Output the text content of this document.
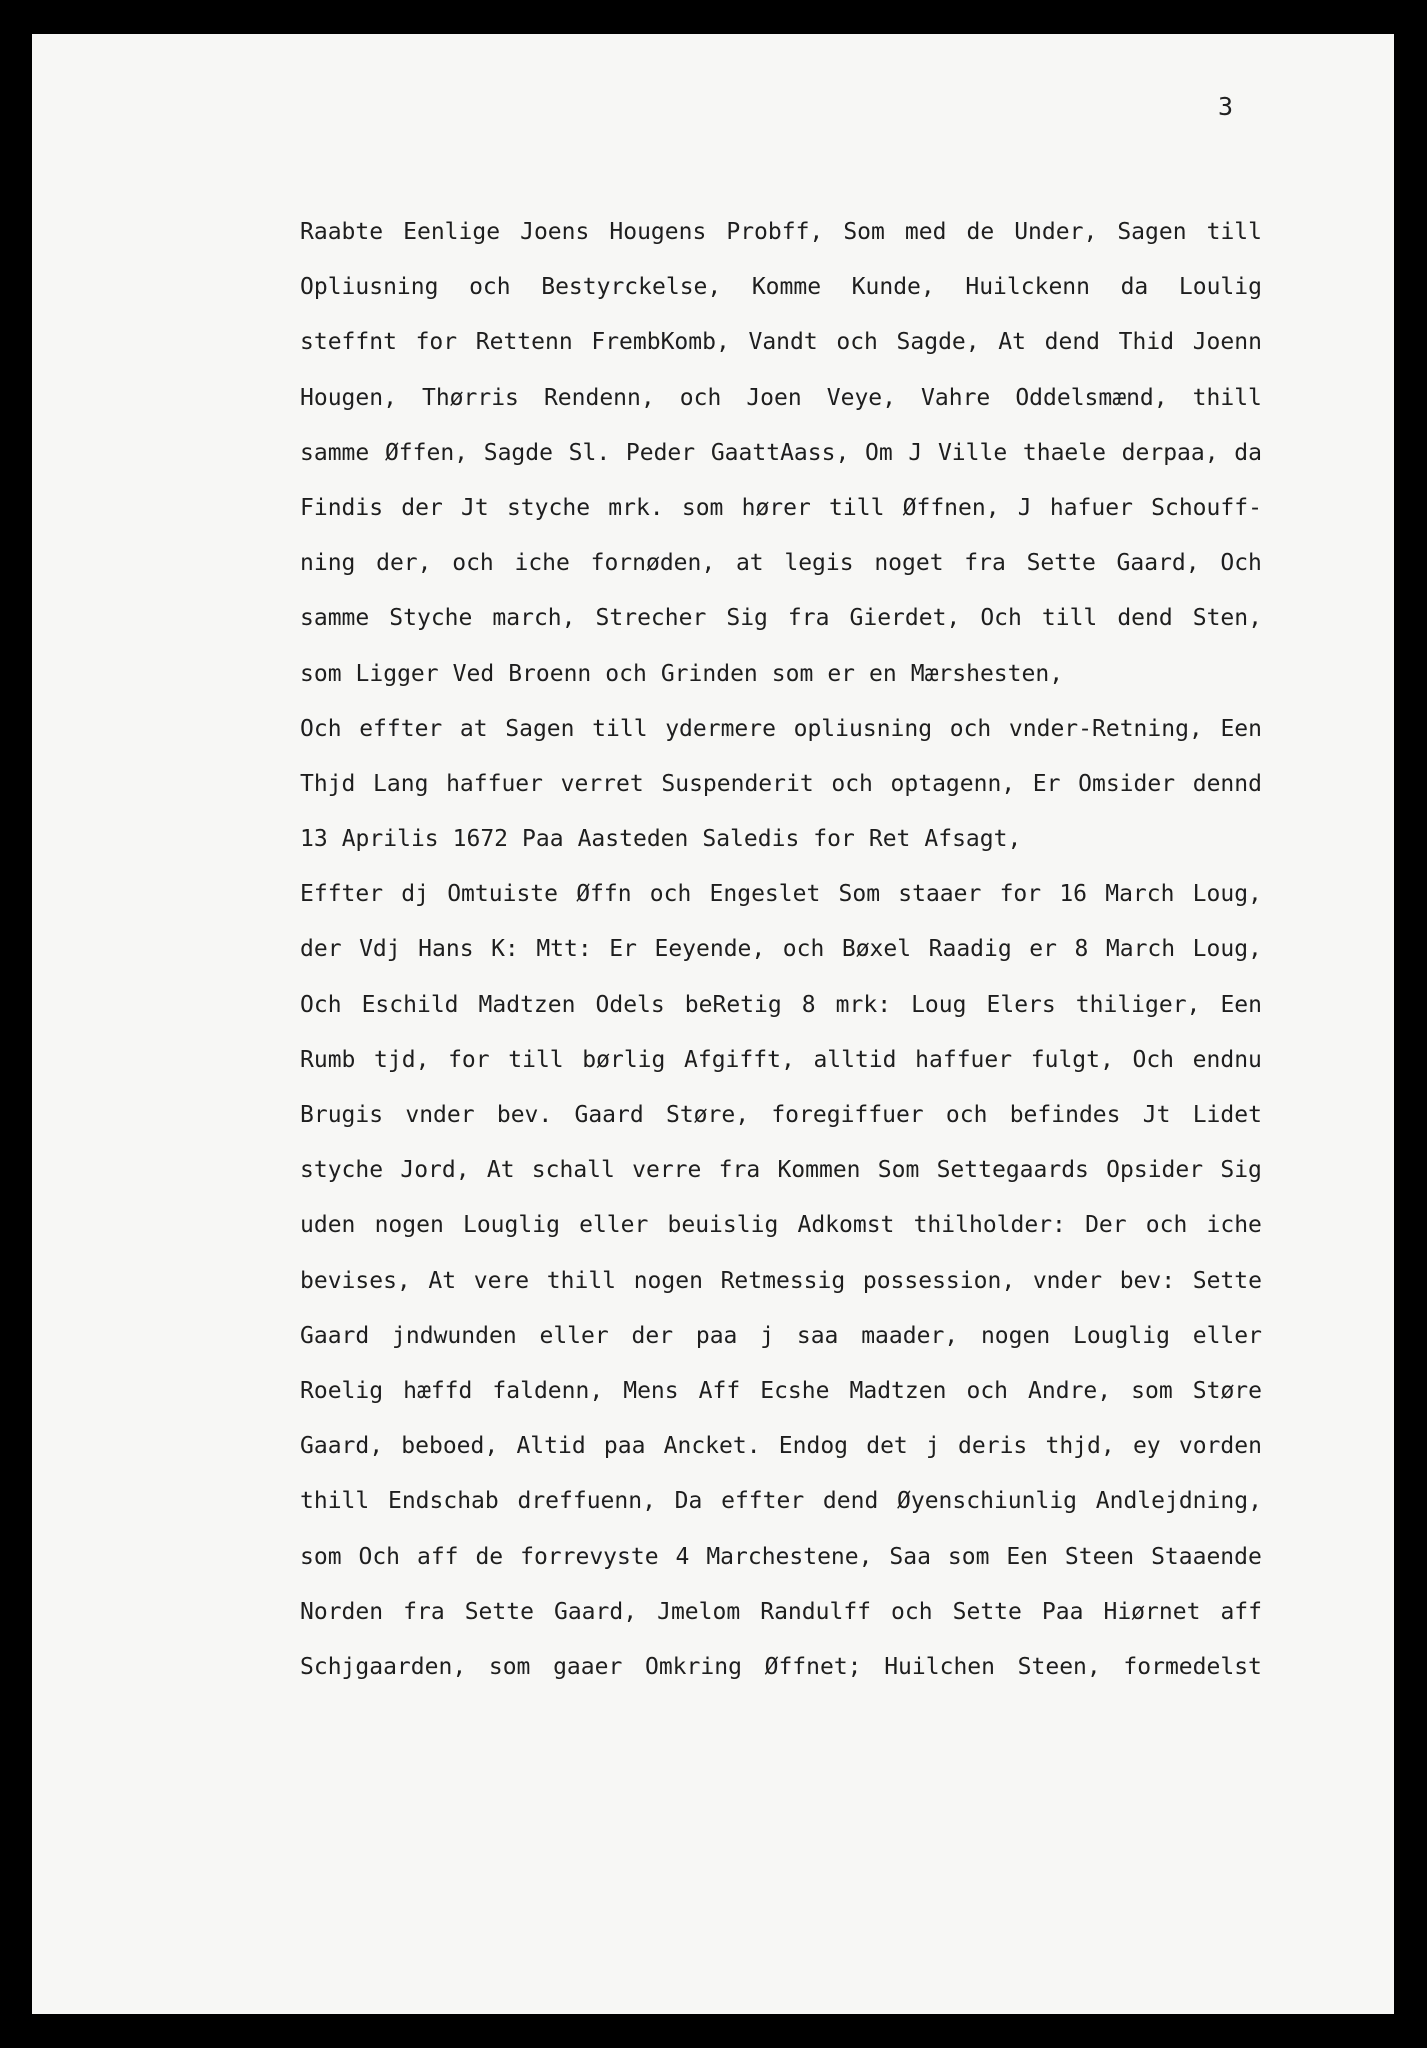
3
Raabte Eenlige Joens Hougens Probff, Som med de Under, Sagen till
Opliusning och Bestyrckelse, Komme Kunde, Huilckenn da Loulig
steffnt for Rettenn FrembKomb, Vandt och Sagde, At dend Thid Joenn
Hougen, Thørris Rendenn, och Joen Veye, Vahre Oddelsmænd, thill
samme Øffen, Sagde Sl. Peder GaattAass, Om J Ville thaele derpaa, da
Findis der Jt styche mrk. som hører till Øffnen, J hafuer Schouff-
ning der, och iche fornøden, at legis noget fra Sette Gaard, Och
samme Styche march, Strecher Sig fra Gierdet, Och till dend Sten,
som Ligger Ved Broenn och Grinden som er en Mærshesten,
Och effter at Sagen till ydermere opliusning och vnder-Retning, Een
Thjd Lang haffuer verret Suspenderit och optagenn, Er Omsider dennd
13 Aprilis 1672 Paa Aasteden Saledis for Ret Afsagt,
Effter dj Omtuiste Øffn och Engeslet Som staaer for 16 March Loug,
der Vdj Hans K: Mtt: Er Eeyende, och Bøxel Raadig er 8 March Loug,
Och Eschild Madtzen Odels beRetig 8 mrk: Loug Elers thiliger, Een
Rumb tjd, for till børlig Afgifft, alltid haffuer fulgt, Och endnu
Brugis vnder bev. Gaard Støre, foregiffuer och befindes Jt Lidet
styche Jord, At schall verre fra Kommen Som Settegaards Opsider Sig
uden nogen Louglig eller beuislig Adkomst thilholder: Der och iche
bevises, At vere thill nogen Retmessig possession, vnder bev: Sette
Gaard jndwunden eller der paa j saa maader, nogen Louglig eller
Roelig hæffd faldenn, Mens Aff Ecshe Madtzen och Andre, som Støre
Gaard, beboed, Altid paa Ancket. Endog det j deris thjd, ey vorden
thill Endschab dreffuenn, Da effter dend Øyenschiunlig Andlejdning,
som Och aff de forrevyste 4 Marchestene, Saa som Een Steen Staaende
Norden fra Sette Gaard, Jmelom Randulff och Sette Paa Hiørnet aff
Schjgaarden, som gaaer Omkring Øffnet; Huilchen Steen, formedelst
